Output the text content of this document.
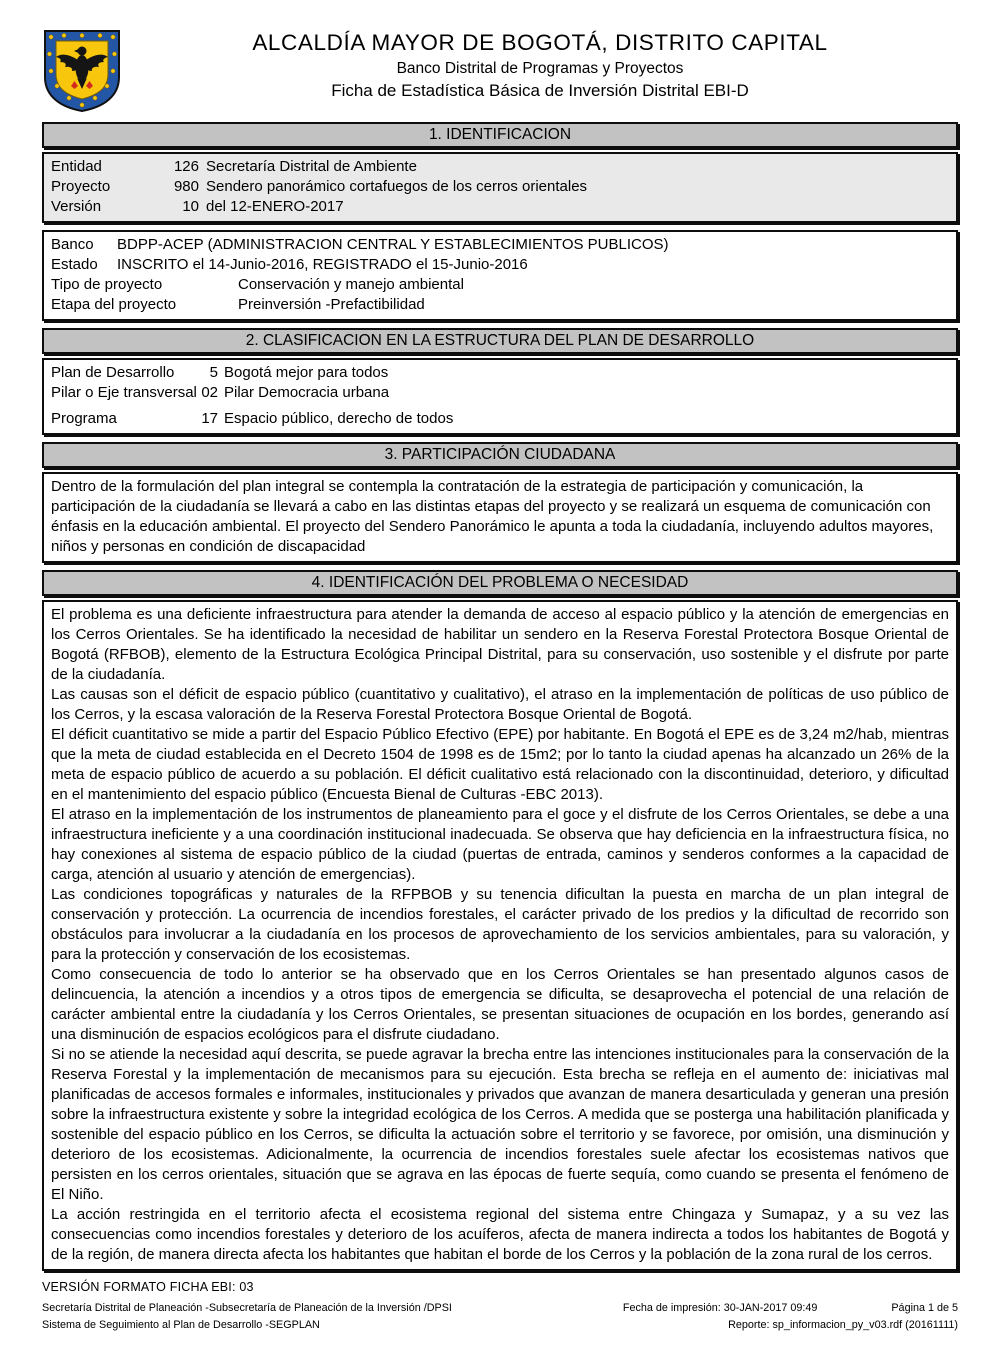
ALCALDÍA MAYOR DE BOGOTÁ, DISTRITO CAPITAL
Banco Distrital de Programas y Proyectos
Ficha de Estadística Básica de Inversión Distrital EBI-D
1. IDENTIFICACION
Entidad	126 Secretaría Distrital de Ambiente
Proyecto	980 Sendero panorámico cortafuegos de los cerros orientales
Versión	10 del 12-ENERO-2017
Banco	BDPP-ACEP (ADMINISTRACION CENTRAL Y ESTABLECIMIENTOS PUBLICOS)
Estado	INSCRITO el 14-Junio-2016, REGISTRADO el 15-Junio-2016
Tipo de proyecto	Conservación y manejo ambiental
Etapa del proyecto	Preinversión -Prefactibilidad
2. CLASIFICACION EN LA ESTRUCTURA DEL PLAN DE DESARROLLO
Plan de Desarrollo	5 Bogotá mejor para todos
Pilar o Eje transversal 02 Pilar Democracia urbana
Programa	17 Espacio público, derecho de todos
3. PARTICIPACIÓN CIUDADANA

Dentro de la formulación del plan integral se contempla la contratación de la estrategia de participación y comunicación, la participación de la ciudadanía se llevará a cabo en las distintas etapas del proyecto y se realizará un esquema de comunicación con énfasis en la educación ambiental. El proyecto del Sendero Panorámico le apunta a toda la ciudadanía, incluyendo adultos mayores, niños y personas en condición de discapacidad

4. IDENTIFICACIÓN DEL PROBLEMA O NECESIDAD

El problema es una deficiente infraestructura para atender la demanda de acceso al espacio público y la atención de emergencias en los Cerros Orientales. Se ha identificado la necesidad de habilitar un sendero en la Reserva Forestal Protectora Bosque Oriental de Bogotá (RFBOB), elemento de la Estructura Ecológica Principal Distrital, para su conservación, uso sostenible y el disfrute por parte de la ciudadanía.

Las causas son el déficit de espacio público (cuantitativo y cualitativo), el atraso en la implementación de políticas de uso público de los Cerros, y la escasa valoración de la Reserva Forestal Protectora Bosque Oriental de Bogotá.

El déficit cuantitativo se mide a partir del Espacio Público Efectivo (EPE) por habitante. En Bogotá el EPE es de 3,24 m2/hab, mientras que la meta de ciudad establecida en el Decreto 1504 de 1998 es de 15m2; por lo tanto la ciudad apenas ha alcanzado un 26% de la meta de espacio público de acuerdo a su población. El déficit cualitativo está relacionado con la discontinuidad, deterioro, y dificultad en el mantenimiento del espacio público (Encuesta Bienal de Culturas -EBC 2013).

El atraso en la implementación de los instrumentos de planeamiento para el goce y el disfrute de los Cerros Orientales, se debe a una infraestructura ineficiente y a una coordinación institucional inadecuada. Se observa que hay deficiencia en la infraestructura física, no hay conexiones al sistema de espacio público de la ciudad (puertas de entrada, caminos y senderos conformes a la capacidad de carga, atención al usuario y atención de emergencias).

Las condiciones topográficas y naturales de la RFPBOB y su tenencia dificultan la puesta en marcha de un plan integral de conservación y protección. La ocurrencia de incendios forestales, el carácter privado de los predios y la dificultad de recorrido son obstáculos para involucrar a la ciudadanía en los procesos de aprovechamiento de los servicios ambientales, para su valoración, y para la protección y conservación de los ecosistemas.

Como consecuencia de todo lo anterior se ha observado que en los Cerros Orientales se han presentado algunos casos de delincuencia, la atención a incendios y a otros tipos de emergencia se dificulta, se desaprovecha el potencial de una relación de carácter ambiental entre la ciudadanía y los Cerros Orientales, se presentan situaciones de ocupación en los bordes, generando así una disminución de espacios ecológicos para el disfrute ciudadano.

Si no se atiende la necesidad aquí descrita, se puede agravar la brecha entre las intenciones institucionales para la conservación de la Reserva Forestal y la implementación de mecanismos para su ejecución. Esta brecha se refleja en el aumento de: iniciativas mal planificadas de accesos formales e informales, institucionales y privados que avanzan de manera desarticulada y generan una presión sobre la infraestructura existente y sobre la integridad ecológica de los Cerros. A medida que se posterga una habilitación planificada y sostenible del espacio público en los Cerros, se dificulta la actuación sobre el territorio y se favorece, por omisión, una disminución y deterioro de los ecosistemas. Adicionalmente, la ocurrencia de incendios forestales suele afectar los ecosistemas nativos que persisten en los cerros orientales, situación que se agrava en las épocas de fuerte sequía, como cuando se presenta el fenómeno de El Niño.

La acción restringida en el territorio afecta el ecosistema regional del sistema entre Chingaza y Sumapaz, y a su vez las consecuencias como incendios forestales y deterioro de los acuíferos, afecta de manera indirecta a todos los habitantes de Bogotá y de la región, de manera directa afecta los habitantes que habitan el borde de los Cerros y la población de la zona rural de los cerros.

VERSIÓN FORMATO FICHA EBI: 03
Secretaría Distrital de Planeación -Subsecretaría de Planeación de la Inversión /DPSI
Sistema de Seguimiento al Plan de Desarrollo -SEGPLAN
Fecha de impresión: 30-JAN-2017 09:49	Página 1 de 5
Reporte: sp_informacion_py_v03.rdf (20161111)
